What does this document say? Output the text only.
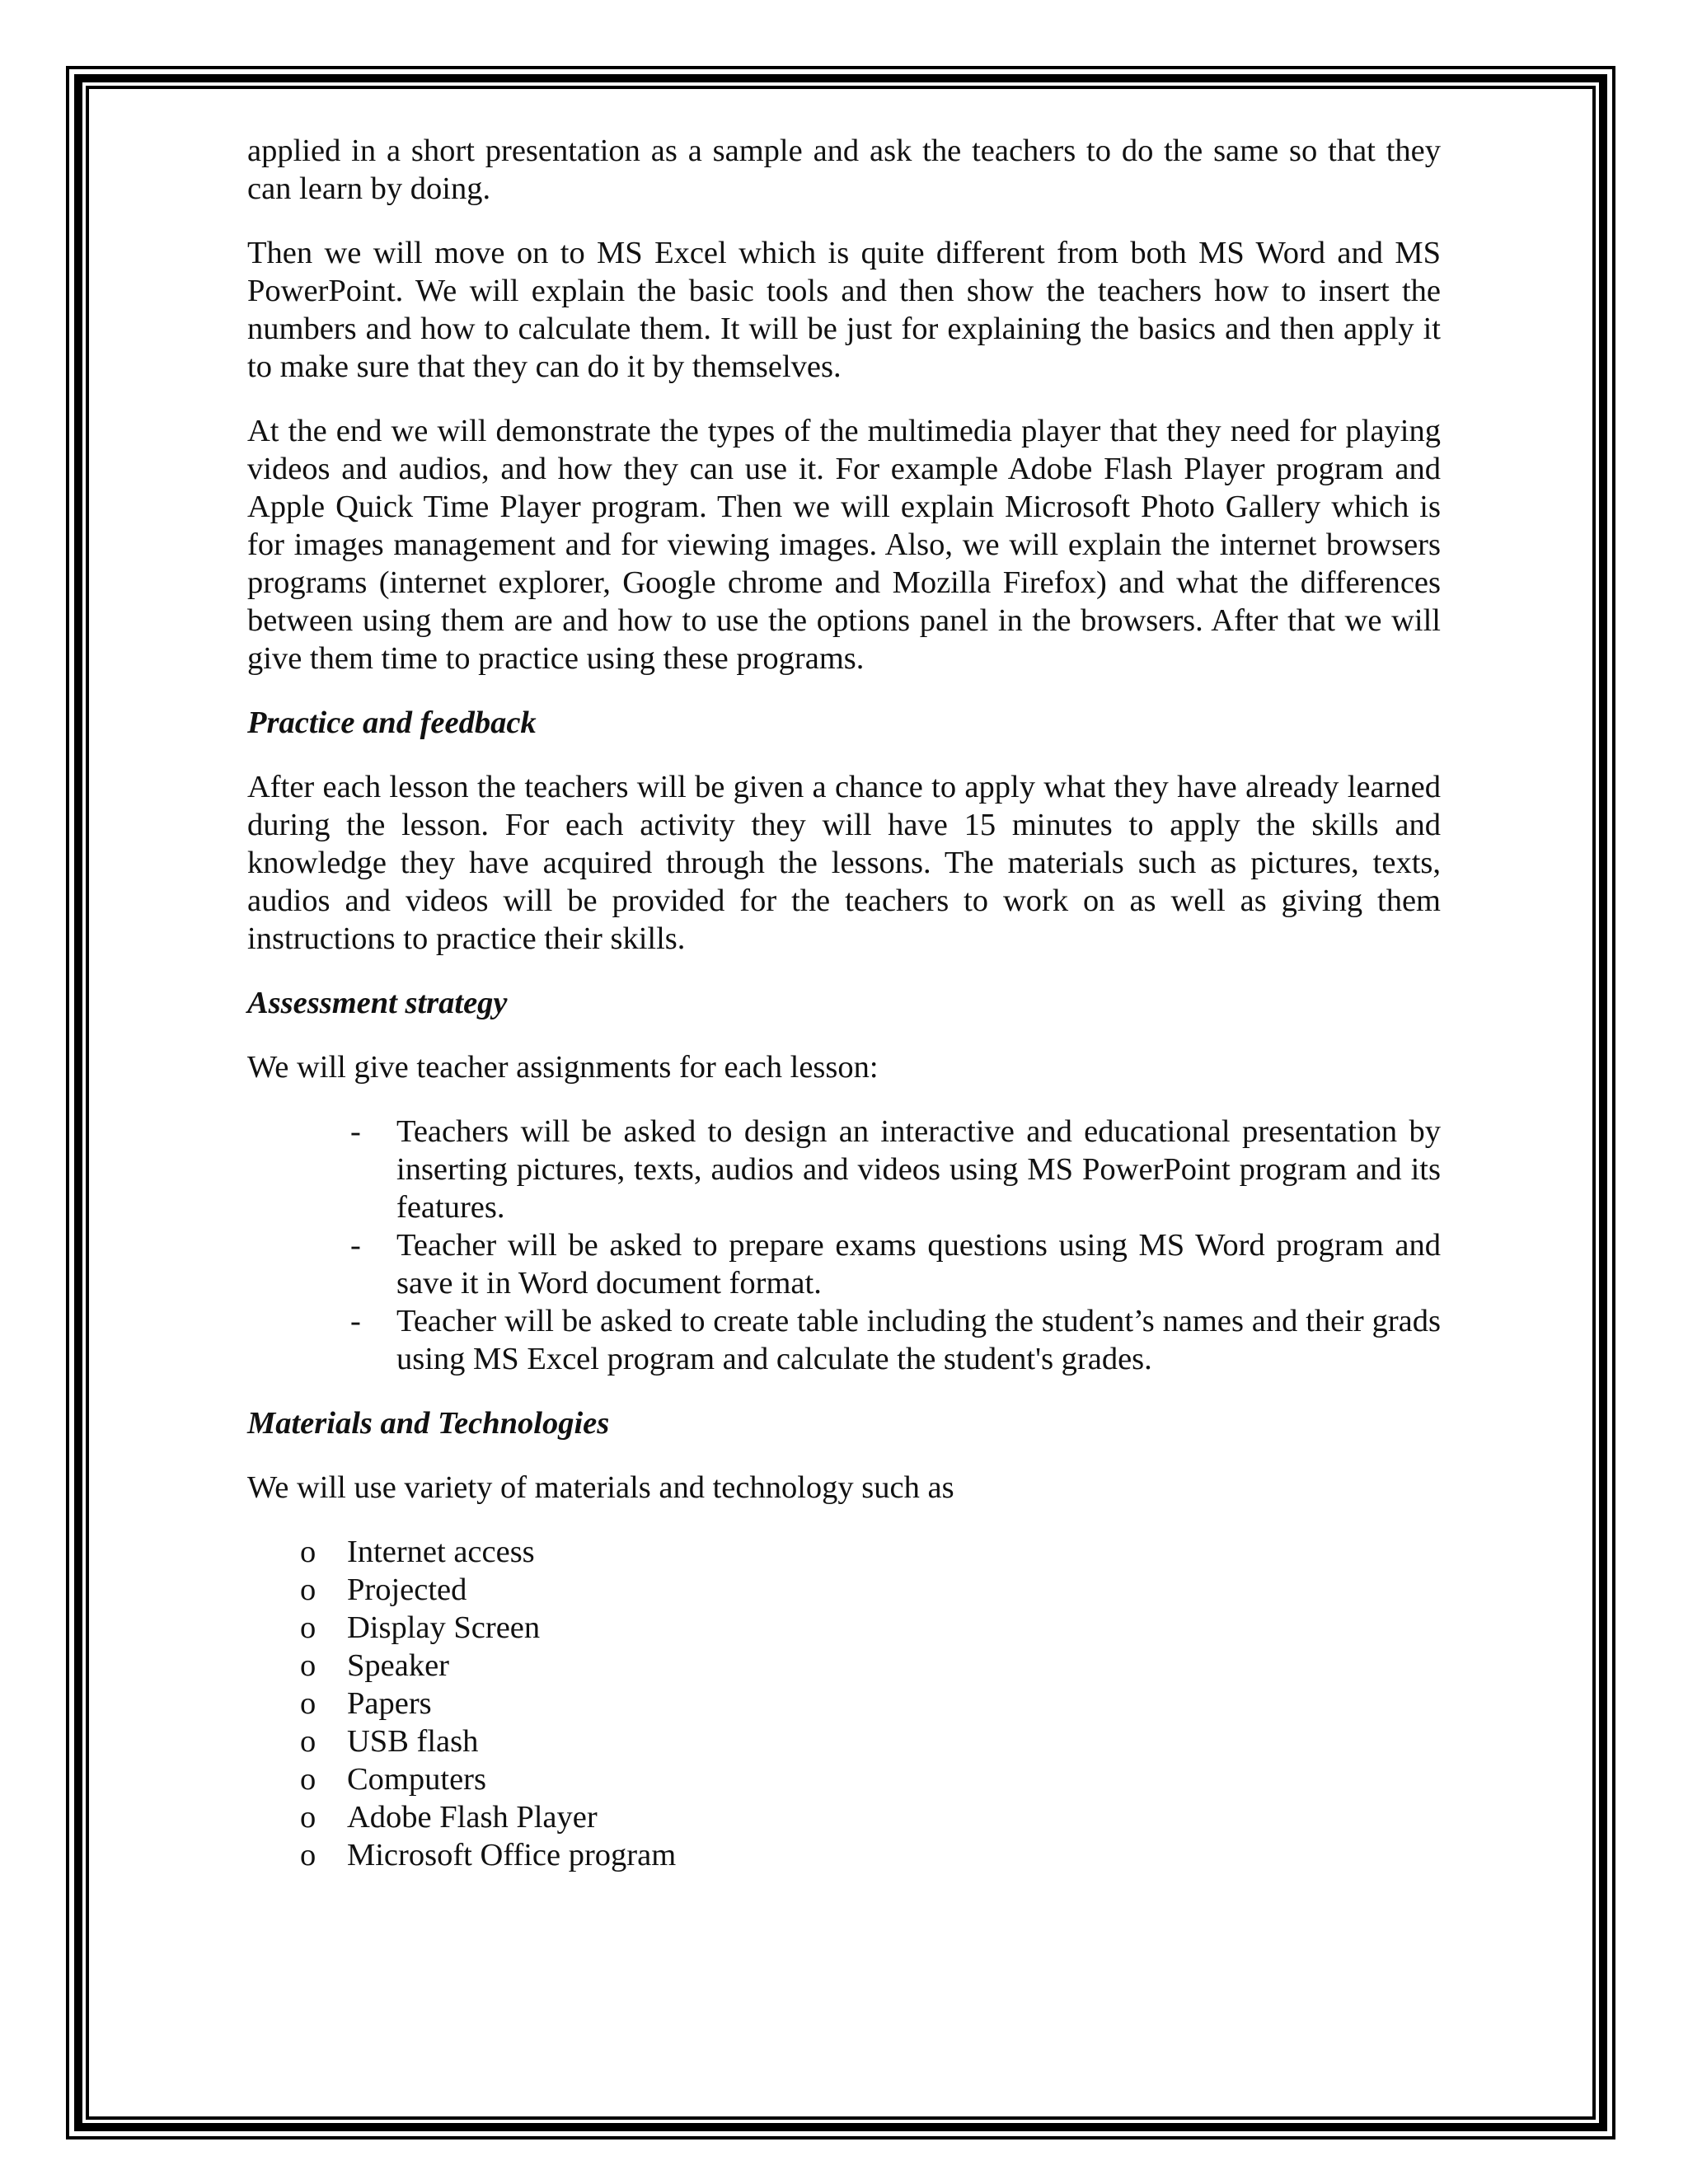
applied in a short presentation as a sample and ask the teachers to do the same so that they can learn by doing.

Then we will move on to MS Excel which is quite different from both MS Word and MS PowerPoint. We will explain the basic tools and then show the teachers how to insert the numbers and how to calculate them. It will be just for explaining the basics and then apply it to make sure that they can do it by themselves.

At the end we will demonstrate the types of the multimedia player that they need for playing videos and audios, and how they can use it. For example Adobe Flash Player program and Apple Quick Time Player program. Then we will explain Microsoft Photo Gallery which is for images management and for viewing images. Also, we will explain the internet browsers programs (internet explorer, Google chrome and Mozilla Firefox) and what the differences between using them are and how to use the options panel in the browsers. After that we will give them time to practice using these programs.

Practice and feedback

After each lesson the teachers will be given a chance to apply what they have already learned during the lesson. For each activity they will have 15 minutes to apply the skills and knowledge they have acquired through the lessons. The materials such as pictures, texts, audios and videos will be provided for the teachers to work on as well as giving them instructions to practice their skills.

Assessment strategy

We will give teacher assignments for each lesson:

- Teachers will be asked to design an interactive and educational presentation by inserting pictures, texts, audios and videos using MS PowerPoint program and its features.
- Teacher will be asked to prepare exams questions using MS Word program and save it in Word document format.
- Teacher will be asked to create table including the student’s names and their grads using MS Excel program and calculate the student's grades.

Materials and Technologies

We will use variety of materials and technology such as

o Internet access
o Projected
o Display Screen
o Speaker
o Papers
o USB flash
o Computers
o Adobe Flash Player
o Microsoft Office program
